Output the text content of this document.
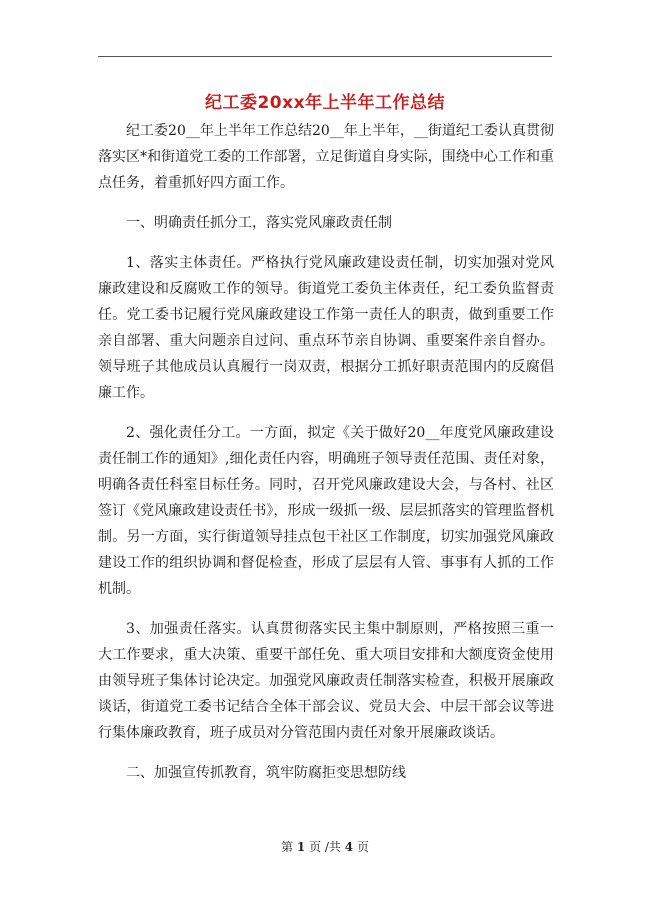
纪工委20xx年上半年工作总结

纪工委20__年上半年工作总结20__年上半年，__街道纪工委认真贯彻落实区*和街道党工委的工作部署，立足街道自身实际，围绕中心工作和重点任务，着重抓好四方面工作。

一、明确责任抓分工，落实党风廉政责任制

1、落实主体责任。严格执行党风廉政建设责任制，切实加强对党风廉政建设和反腐败工作的领导。街道党工委负主体责任，纪工委负监督责任。党工委书记履行党风廉政建设工作第一责任人的职责，做到重要工作亲自部署、重大问题亲自过问、重点环节亲自协调、重要案件亲自督办。领导班子其他成员认真履行一岗双责，根据分工抓好职责范围内的反腐倡廉工作。

2、强化责任分工。一方面，拟定《关于做好20__年度党风廉政建设责任制工作的通知》,细化责任内容，明确班子领导责任范围、责任对象，明确各责任科室目标任务。同时，召开党风廉政建设大会，与各村、社区签订《党风廉政建设责任书》，形成一级抓一级、层层抓落实的管理监督机制。另一方面，实行街道领导挂点包干社区工作制度，切实加强党风廉政建设工作的组织协调和督促检查，形成了层层有人管、事事有人抓的工作机制。

3、加强责任落实。认真贯彻落实民主集中制原则，严格按照三重一大工作要求，重大决策、重要干部任免、重大项目安排和大额度资金使用由领导班子集体讨论决定。加强党风廉政责任制落实检查，积极开展廉政谈话，街道党工委书记结合全体干部会议、党员大会、中层干部会议等进行集体廉政教育，班子成员对分管范围内责任对象开展廉政谈话。

二、加强宣传抓教育，筑牢防腐拒变思想防线

第 1 页 /共 4 页
